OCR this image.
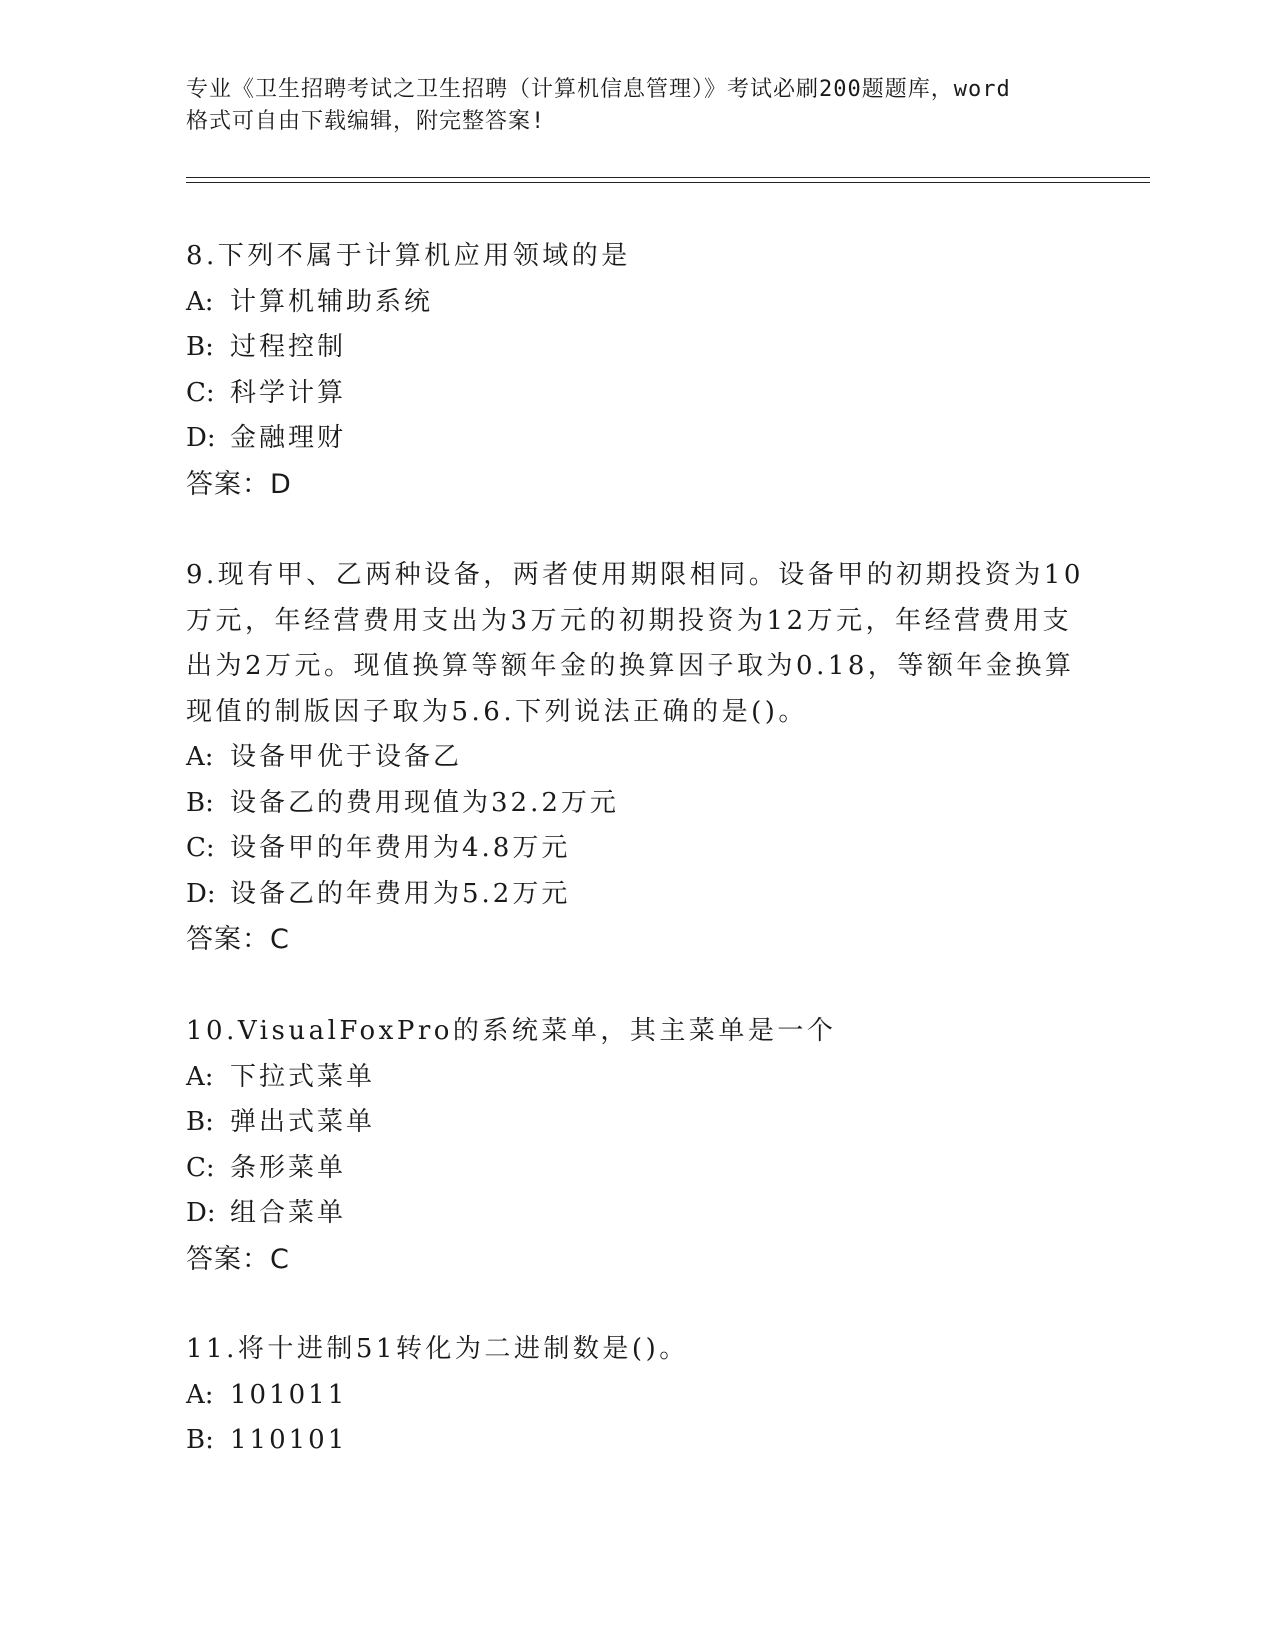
专业《卫生招聘考试之卫生招聘（计算机信息管理）》考试必刷200题题库，word
格式可自由下载编辑，附完整答案!
8.下列不属于计算机应用领域的是
A: 计算机辅助系统
B: 过程控制
C: 科学计算
D: 金融理财
答案：D
9.现有甲、乙两种设备，两者使用期限相同。设备甲的初期投资为10
万元，年经营费用支出为3万元的初期投资为12万元，年经营费用支
出为2万元。现值换算等额年金的换算因子取为0.18，等额年金换算
现值的制版因子取为5.6.下列说法正确的是()。
A: 设备甲优于设备乙
B: 设备乙的费用现值为32.2万元
C: 设备甲的年费用为4.8万元
D: 设备乙的年费用为5.2万元
答案：C
10.VisualFoxPro的系统菜单，其主菜单是一个
A: 下拉式菜单
B: 弹出式菜单
C: 条形菜单
D: 组合菜单
答案：C
11.将十进制51转化为二进制数是()。
A: 101011
B: 110101
